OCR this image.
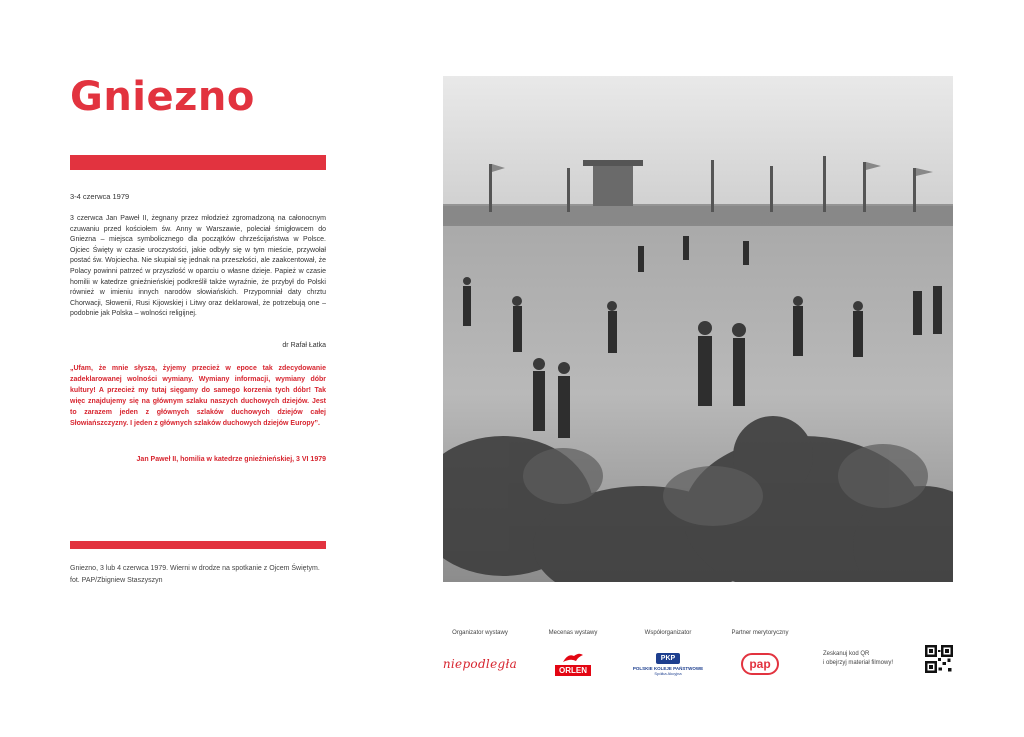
Gniezno
3-4 czerwca 1979

3 czerwca Jan Paweł II, żegnany przez młodzież zgromadzoną na całonocnym czuwaniu przed kościołem św. Anny w Warszawie, poleciał śmigłowcem do Gniezna – miejsca symbolicznego dla początków chrześcijaństwa w Polsce. Ojciec Święty w czasie uroczystości, jakie odbyły się w tym mieście, przywołał postać św. Wojciecha. Nie skupiał się jednak na przeszłości, ale zaakcentował, że Polacy powinni patrzeć w przyszłość w oparciu o własne dzieje. Papież w czasie homilii w katedrze gnieźnieńskiej podkreślił także wyraźnie, że przybył do Polski również w imieniu innych narodów słowiańskich. Przypomniał daty chrztu Chorwacji, Słowenii, Rusi Kijowskiej i Litwy oraz deklarował, że potrzebują one – podobnie jak Polska – wolności religijnej.

dr Rafał Łatka

„Ufam, że mnie słyszą, żyjemy przecież w epoce tak zdecydowanie zadeklarowanej wolności wymiany. Wymiany informacji, wymiany dóbr kultury! A przecież my tutaj sięgamy do samego korzenia tych dóbr! Tak więc znajdujemy się na głównym szlaku naszych duchowych dziejów. Jest to zarazem jeden z głównych szlaków duchowych dziejów całej Słowiańszczyzny. I jeden z głównych szlaków duchowych dziejów Europy”.

Jan Paweł II, homilia w katedrze gnieźnieńskiej, 3 VI 1979

Gniezno, 3 lub 4 czerwca 1979. Wierni w drodze na spotkanie z Ojcem Świętym.
fot. PAP/Zbigniew Staszyszyn

Organizator wystawy
niepodległa
Mecenas wystawy
ORLEN
Współorganizator
PKP
POLSKIE KOLEJE PAŃSTWOWE
Spółka Akcyjna
Partner merytoryczny
pap
Zeskanuj kod QR
i obejrzyj materiał filmowy!
